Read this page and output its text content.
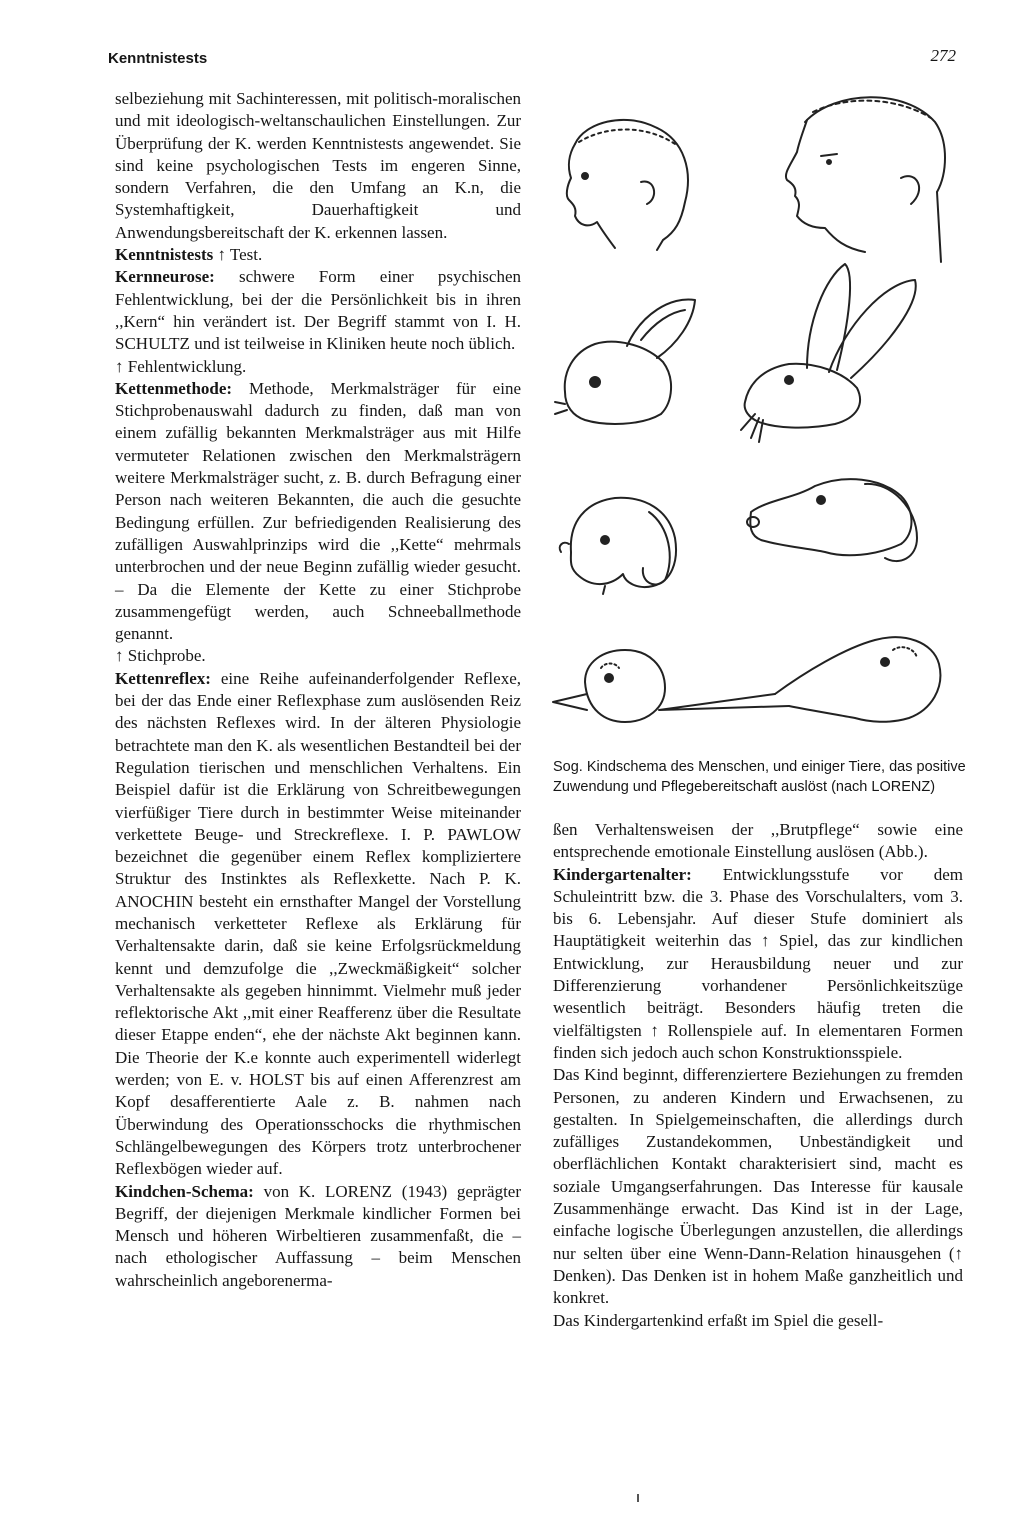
Kenntnistests	272

selbeziehung mit Sachinteressen, mit politisch-moralischen und mit ideologisch-weltanschaulichen Einstellungen. Zur Überprüfung der K. werden Kenntnistests angewendet. Sie sind keine psychologischen Tests im engeren Sinne, sondern Verfahren, die den Umfang an K.n, die Systemhaftigkeit, Dauerhaftigkeit und Anwendungsbereitschaft der K. erkennen lassen.

Kenntnistests ↑ Test.

Kernneurose: schwere Form einer psychischen Fehlentwicklung, bei der die Persönlichkeit bis in ihren ,,Kern“ hin verändert ist. Der Begriff stammt von I. H. SCHULTZ und ist teilweise in Kliniken heute noch üblich.
↑ Fehlentwicklung.

Kettenmethode: Methode, Merkmalsträger für eine Stichprobenauswahl dadurch zu finden, daß man von einem zufällig bekannten Merkmalsträger aus mit Hilfe vermuteter Relationen zwischen den Merkmalsträgern weitere Merkmalsträger sucht, z. B. durch Befragung einer Person nach weiteren Bekannten, die auch die gesuchte Bedingung erfüllen. Zur befriedigenden Realisierung des zufälligen Auswahlprinzips wird die ,,Kette“ mehrmals unterbrochen und der neue Beginn zufällig wieder gesucht. – Da die Elemente der Kette zu einer Stichprobe zusammengefügt werden, auch Schneeballmethode genannt.
↑ Stichprobe.

Kettenreflex: eine Reihe aufeinanderfolgender Reflexe, bei der das Ende einer Reflexphase zum auslösenden Reiz des nächsten Reflexes wird. In der älteren Physiologie betrachtete man den K. als wesentlichen Bestandteil bei der Regulation tierischen und menschlichen Verhaltens. Ein Beispiel dafür ist die Erklärung von Schreitbewegungen vierfüßiger Tiere durch in bestimmter Weise miteinander verkettete Beuge- und Streckreflexe. I. P. PAWLOW bezeichnet die gegenüber einem Reflex kompliziertere Struktur des Instinktes als Reflexkette. Nach P. K. ANOCHIN besteht ein ernsthafter Mangel der Vorstellung mechanisch verketteter Reflexe als Erklärung für Verhaltensakte darin, daß sie keine Erfolgsrückmeldung kennt und demzufolge die ,,Zweckmäßigkeit“ solcher Verhaltensakte als gegeben hinnimmt. Vielmehr muß jeder reflektorische Akt ,,mit einer Reafferenz über die Resultate dieser Etappe enden“, ehe der nächste Akt beginnen kann. Die Theorie der K.e konnte auch experimentell widerlegt werden; von E. v. HOLST bis auf einen Afferenzrest am Kopf desafferentierte Aale z. B. nahmen nach Überwindung des Operationsschocks die rhythmischen Schlängelbewegungen des Körpers trotz unterbrochener Reflexbögen wieder auf.

Kindchen-Schema: von K. LORENZ (1943) geprägter Begriff, der diejenigen Merkmale kindlicher Formen bei Mensch und höheren Wirbeltieren zusammenfaßt, die – nach ethologischer Auffassung – beim Menschen wahrscheinlich angeborenerma-

Sog. Kindschema des Menschen, und einiger Tiere, das positive Zuwendung und Pflegebereitschaft auslöst (nach LORENZ)

ßen Verhaltensweisen der ,,Brutpflege“ sowie eine entsprechende emotionale Einstellung auslösen (Abb.).

Kindergartenalter: Entwicklungsstufe vor dem Schuleintritt bzw. die 3. Phase des Vorschulalters, vom 3. bis 6. Lebensjahr. Auf dieser Stufe dominiert als Hauptätigkeit weiterhin das ↑ Spiel, das zur kindlichen Entwicklung, zur Herausbildung neuer und zur Differenzierung vorhandener Persönlichkeitszüge wesentlich beiträgt. Besonders häufig treten die vielfältigsten ↑ Rollenspiele auf. In elementaren Formen finden sich jedoch auch schon Konstruktionsspiele.

Das Kind beginnt, differenziertere Beziehungen zu fremden Personen, zu anderen Kindern und Erwachsenen, zu gestalten. In Spielgemeinschaften, die allerdings durch zufälliges Zustandekommen, Unbeständigkeit und oberflächlichen Kontakt charakterisiert sind, macht es soziale Umgangserfahrungen. Das Interesse für kausale Zusammenhänge erwacht. Das Kind ist in der Lage, einfache logische Überlegungen anzustellen, die allerdings nur selten über eine Wenn-Dann-Relation hinausgehen (↑ Denken). Das Denken ist in hohem Maße ganzheitlich und konkret.

Das Kindergartenkind erfaßt im Spiel die gesell-
